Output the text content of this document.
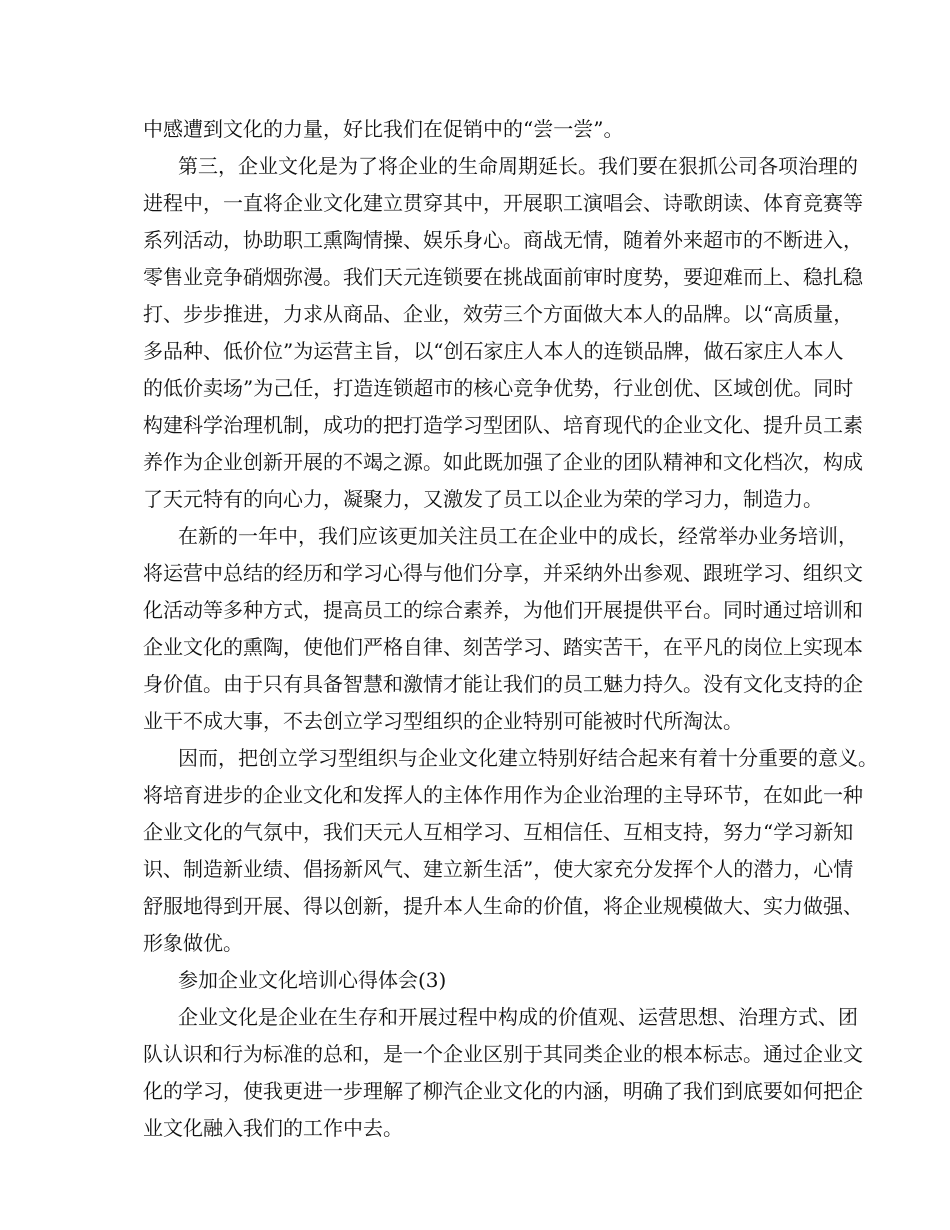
中感遭到文化的力量，好比我们在促销中的“尝一尝”。
第三，企业文化是为了将企业的生命周期延长。我们要在狠抓公司各项治理的
进程中，一直将企业文化建立贯穿其中，开展职工演唱会、诗歌朗读、体育竞赛等
系列活动，协助职工熏陶情操、娱乐身心。商战无情，随着外来超市的不断进入，
零售业竞争硝烟弥漫。我们天元连锁要在挑战面前审时度势，要迎难而上、稳扎稳
打、步步推进，力求从商品、企业，效劳三个方面做大本人的品牌。以“高质量，
多品种、低价位”为运营主旨，以“创石家庄人本人的连锁品牌，做石家庄人本人
的低价卖场”为己任，打造连锁超市的核心竞争优势，行业创优、区域创优。同时
构建科学治理机制，成功的把打造学习型团队、培育现代的企业文化、提升员工素
养作为企业创新开展的不竭之源。如此既加强了企业的团队精神和文化档次，构成
了天元特有的向心力，凝聚力，又激发了员工以企业为荣的学习力，制造力。
在新的一年中，我们应该更加关注员工在企业中的成长，经常举办业务培训，
将运营中总结的经历和学习心得与他们分享，并采纳外出参观、跟班学习、组织文
化活动等多种方式，提高员工的综合素养，为他们开展提供平台。同时通过培训和
企业文化的熏陶，使他们严格自律、刻苦学习、踏实苦干，在平凡的岗位上实现本
身价值。由于只有具备智慧和激情才能让我们的员工魅力持久。没有文化支持的企
业干不成大事，不去创立学习型组织的企业特别可能被时代所淘汰。
因而，把创立学习型组织与企业文化建立特别好结合起来有着十分重要的意义。
将培育进步的企业文化和发挥人的主体作用作为企业治理的主导环节，在如此一种
企业文化的气氛中，我们天元人互相学习、互相信任、互相支持，努力“学习新知
识、制造新业绩、倡扬新风气、建立新生活”，使大家充分发挥个人的潜力，心情
舒服地得到开展、得以创新，提升本人生命的价值，将企业规模做大、实力做强、
形象做优。
参加企业文化培训心得体会(3)
企业文化是企业在生存和开展过程中构成的价值观、运营思想、治理方式、团
队认识和行为标准的总和，是一个企业区别于其同类企业的根本标志。通过企业文
化的学习，使我更进一步理解了柳汽企业文化的内涵，明确了我们到底要如何把企
业文化融入我们的工作中去。
